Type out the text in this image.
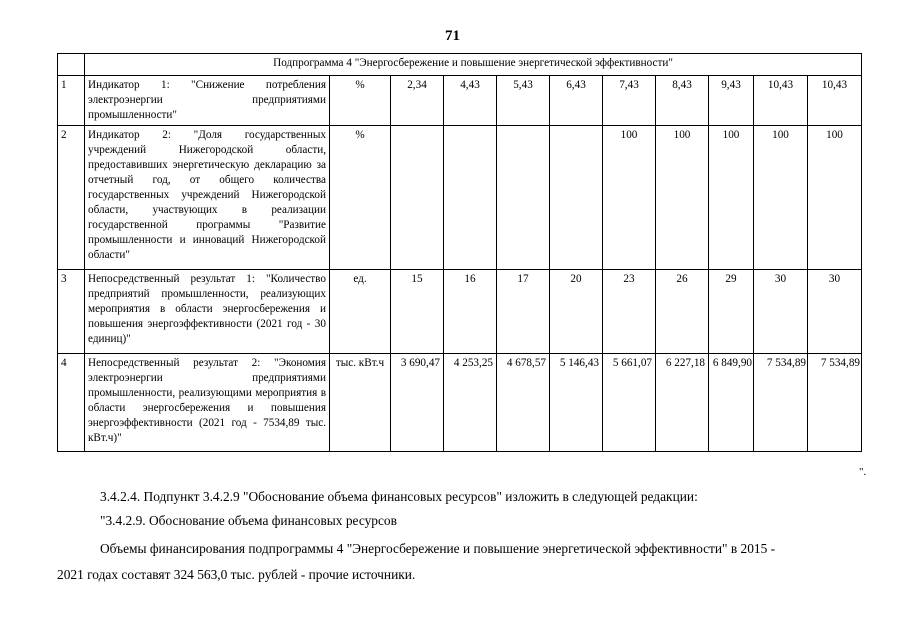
71
	Подпрограмма 4 "Энергосбережение и повышение энергетической эффективности"										
1	Индикатор 1: "Снижение потребления электроэнергии предприятиями промышленности"	%	2,34	4,43	5,43	6,43	7,43	8,43	9,43	10,43	10,43
2	Индикатор 2: "Доля государственных учреждений Нижегородской области, предоставивших энергетическую декларацию за отчетный год, от общего количества государственных учреждений Нижегородской области, участвующих в реализации государственной программы "Развитие промышленности и инноваций Нижегородской области"	%					100	100	100	100	100
3	Непосредственный результат 1: "Количество предприятий промышленности, реализующих мероприятия в области энергосбережения и повышения энергоэффективности (2021 год - 30 единиц)"	ед.	15	16	17	20	23	26	29	30	30
4	Непосредственный результат 2: "Экономия электроэнергии предприятиями промышленности, реализующими мероприятия в области энергосбережения и повышения энергоэффективности (2021 год - 7534,89 тыс. кВт.ч)"	тыс. кВт.ч	3 690,47	4 253,25	4 678,57	5 146,43	5 661,07	6 227,18	6 849,90	7 534,89	7 534,89
".
3.4.2.4. Подпункт 3.4.2.9 "Обоснование объема финансовых ресурсов" изложить в следующей редакции:
"3.4.2.9. Обоснование объема финансовых ресурсов
Объемы финансирования подпрограммы 4 "Энергосбережение и повышение энергетической эффективности" в 2015 -
2021 годах составят 324 563,0 тыс. рублей - прочие источники.
